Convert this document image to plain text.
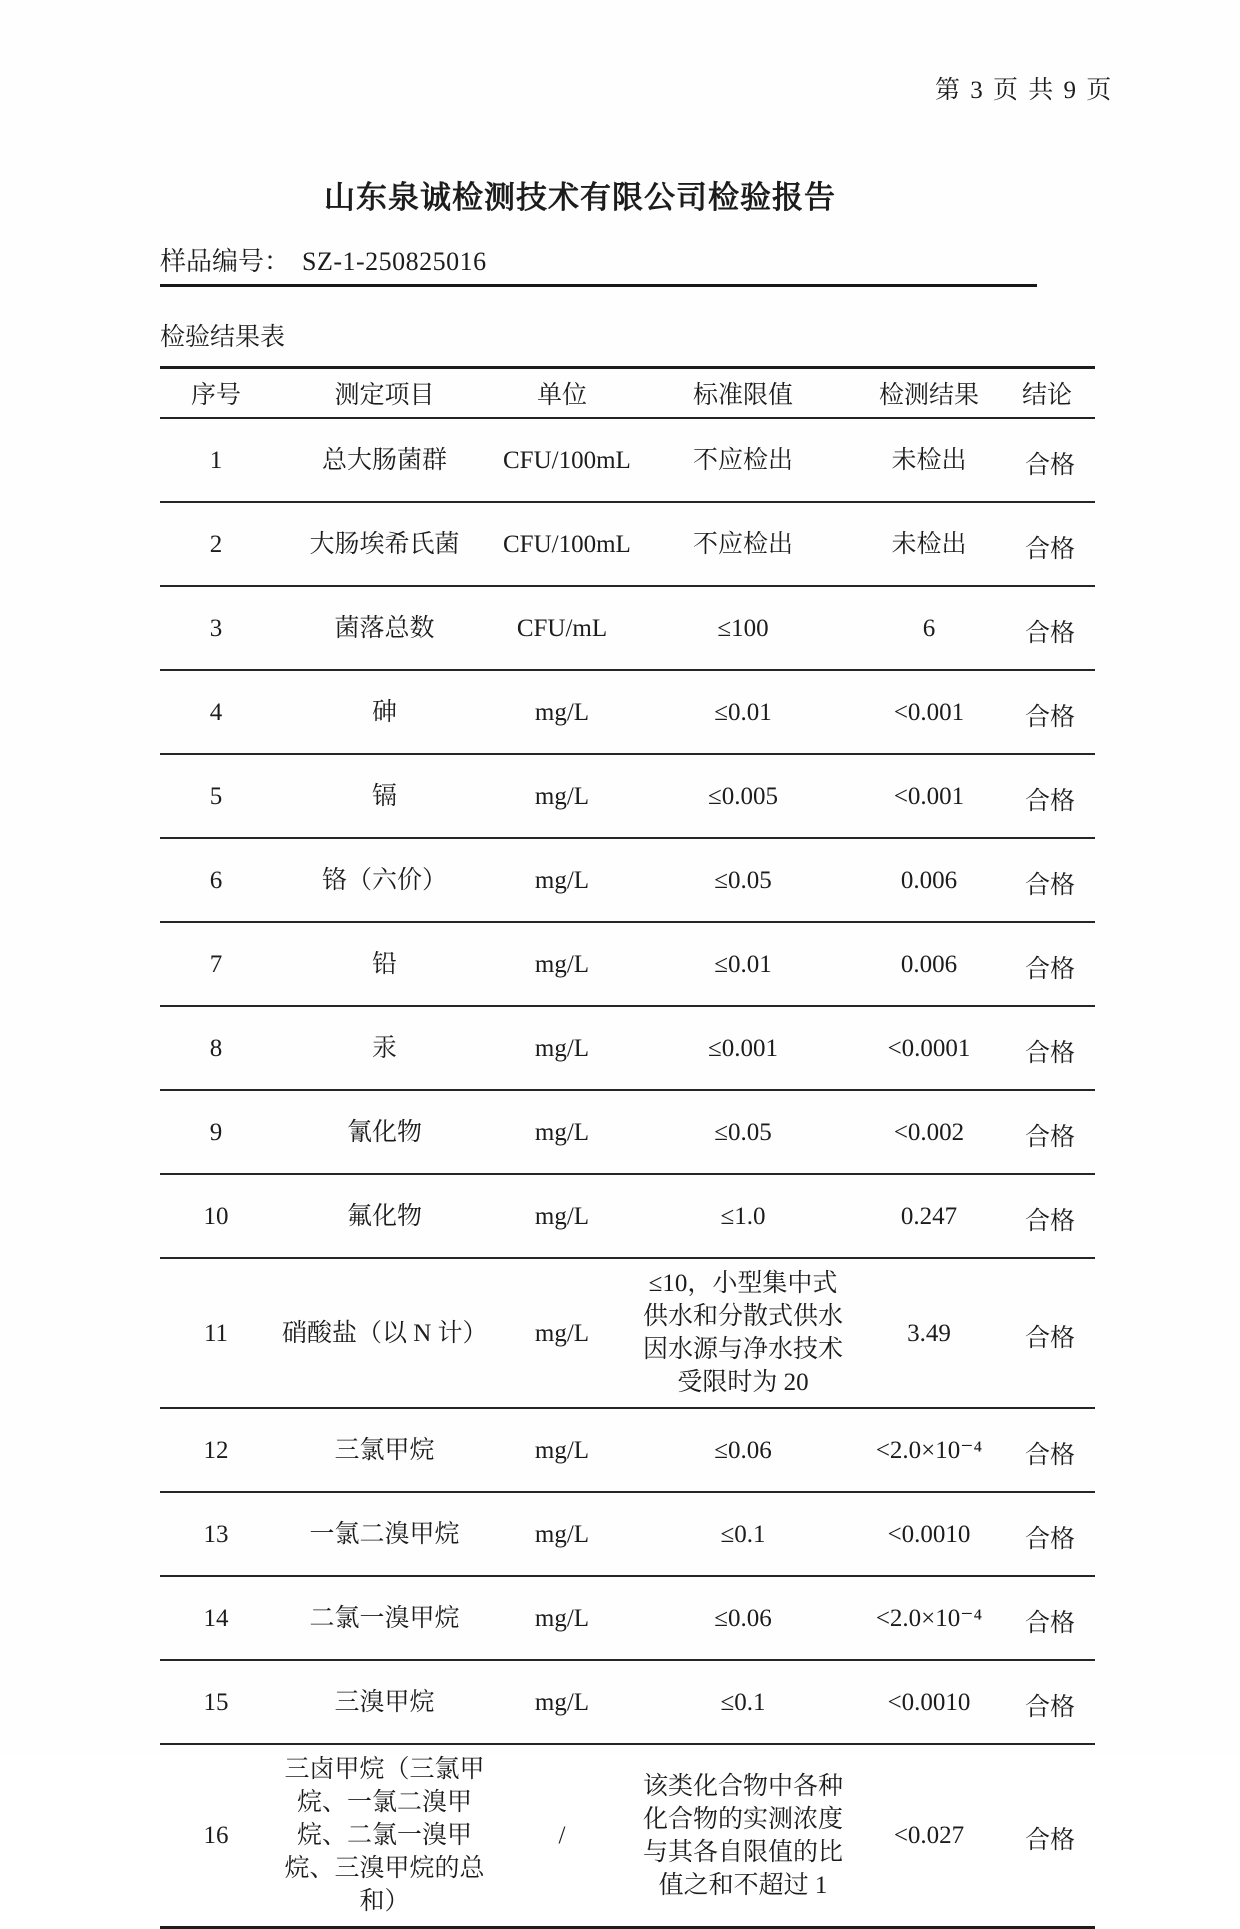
第 3 页 共 9 页
山东泉诚检测技术有限公司检验报告
样品编号： SZ-1-250825016
检验结果表
序号	测定项目	单位	标准限值	检测结果	结论
1	总大肠菌群	CFU/100mL	不应检出	未检出	合格
2	大肠埃希氏菌	CFU/100mL	不应检出	未检出	合格
3	菌落总数	CFU/mL	≤100	6	合格
4	砷	mg/L	≤0.01	<0.001	合格
5	镉	mg/L	≤0.005	<0.001	合格
6	铬（六价）	mg/L	≤0.05	0.006	合格
7	铅	mg/L	≤0.01	0.006	合格
8	汞	mg/L	≤0.001	<0.0001	合格
9	氰化物	mg/L	≤0.05	<0.002	合格
10	氟化物	mg/L	≤1.0	0.247	合格
11	硝酸盐（以 N 计）	mg/L	≤10，小型集中式供水和分散式供水因水源与净水技术受限时为 20	3.49	合格
12	三氯甲烷	mg/L	≤0.06	<2.0×10⁻⁴	合格
13	一氯二溴甲烷	mg/L	≤0.1	<0.0010	合格
14	二氯一溴甲烷	mg/L	≤0.06	<2.0×10⁻⁴	合格
15	三溴甲烷	mg/L	≤0.1	<0.0010	合格
16	三卤甲烷（三氯甲烷、一氯二溴甲烷、二氯一溴甲烷、三溴甲烷的总和）	/	该类化合物中各种化合物的实测浓度与其各自限值的比值之和不超过 1	<0.027	合格
